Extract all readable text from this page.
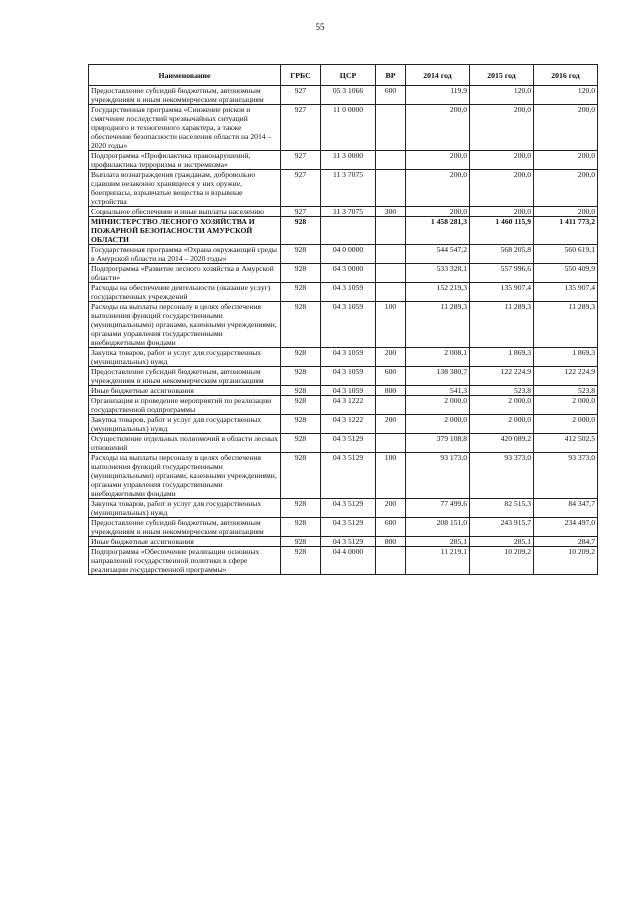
55
Наименование	ГРБС	ЦСР	ВР	2014 год	2015 год	2016 год
Предоставление субсидий бюджетным, автономным учреждениям и иным некоммерческим организациям	927	05 3 1066	600	119,9	120,0	120,0
Государственная программа «Снижение рисков и смягчение последствий чрезвычайных ситуаций природного и техногенного характера, а также обеспечение безопасности населения области на 2014 – 2020 годы»	927	11 0 0000		200,0	200,0	200,0
Подпрограмма «Профилактика правонарушений, профилактика терроризма и экстремизма»	927	11 3 0000		200,0	200,0	200,0
Выплата вознаграждения гражданам, добровольно сдавшим незаконно хранящееся у них оружие, боеприпасы, взрывчатые вещества и взрывные устройства	927	11 3 7075		200,0	200,0	200,0
Социальное обеспечение и иные выплаты населению	927	11 3 7075	300	200,0	200,0	200,0
МИНИСТЕРСТВО ЛЕСНОГО ХОЗЯЙСТВА И ПОЖАРНОЙ БЕЗОПАСНОСТИ АМУРСКОЙ ОБЛАСТИ	928			1 458 281,3	1 460 115,9	1 411 773,2
Государственная программа «Охрана окружающей среды в Амурской области на 2014 – 2020 годы»	928	04 0 0000		544 547,2	568 205,8	560 619,1
Подпрограмма «Развитие лесного хозяйства в Амурской области»	928	04 3 0000		533 328,1	557 996,6	550 409,9
Расходы на обеспечение деятельности (оказание услуг) государственных учреждений	928	04 3 1059		152 219,3	135 907,4	135 907,4
Расходы на выплаты персоналу в целях обеспечения выполнения функций государственными (муниципальными) органами, казенными учреждениями, органами управления государственными внебюджетными фондами	928	04 3 1059	100	11 289,3	11 289,3	11 289,3
Закупка товаров, работ и услуг для государственных (муниципальных) нужд	928	04 3 1059	200	2 008,1	1 869,3	1 869,3
Предоставление субсидий бюджетным, автономным учреждениям и иным некоммерческим организациям	928	04 3 1059	600	138 380,7	122 224,9	122 224,9
Иные бюджетные ассигнования	928	04 3 1059	800	541,3	523,8	523,8
Организация и проведение мероприятий по реализации государственной подпрограммы	928	04 3 1222		2 000,0	2 000,0	2 000,0
Закупка товаров, работ и услуг для государственных (муниципальных) нужд	928	04 3 1222	200	2 000,0	2 000,0	2 000,0
Осуществление отдельных полномочий в области лесных отношений	928	04 3 5129		379 108,8	420 089,2	412 502,5
Расходы на выплаты персоналу в целях обеспечения выполнения функций государственными (муниципальными) органами, казенными учреждениями, органами управления государственными внебюджетными фондами	928	04 3 5129	100	93 173,0	93 373,0	93 373,0
Закупка товаров, работ и услуг для государственных (муниципальных) нужд	928	04 3 5129	200	77 499,6	82 515,3	84 347,7
Предоставление субсидий бюджетным, автономным учреждениям и иным некоммерческим организациям	928	04 3 5129	600	208 151,0	243 915,7	234 497,0
Иные бюджетные ассигнования	928	04 3 5129	800	285,1	285,1	284,7
Подпрограмма «Обеспечение реализации основных направлений государственной политики в сфере реализации государственной программы»	928	04 4 0000		11 219,1	10 209,2	10 209,2
